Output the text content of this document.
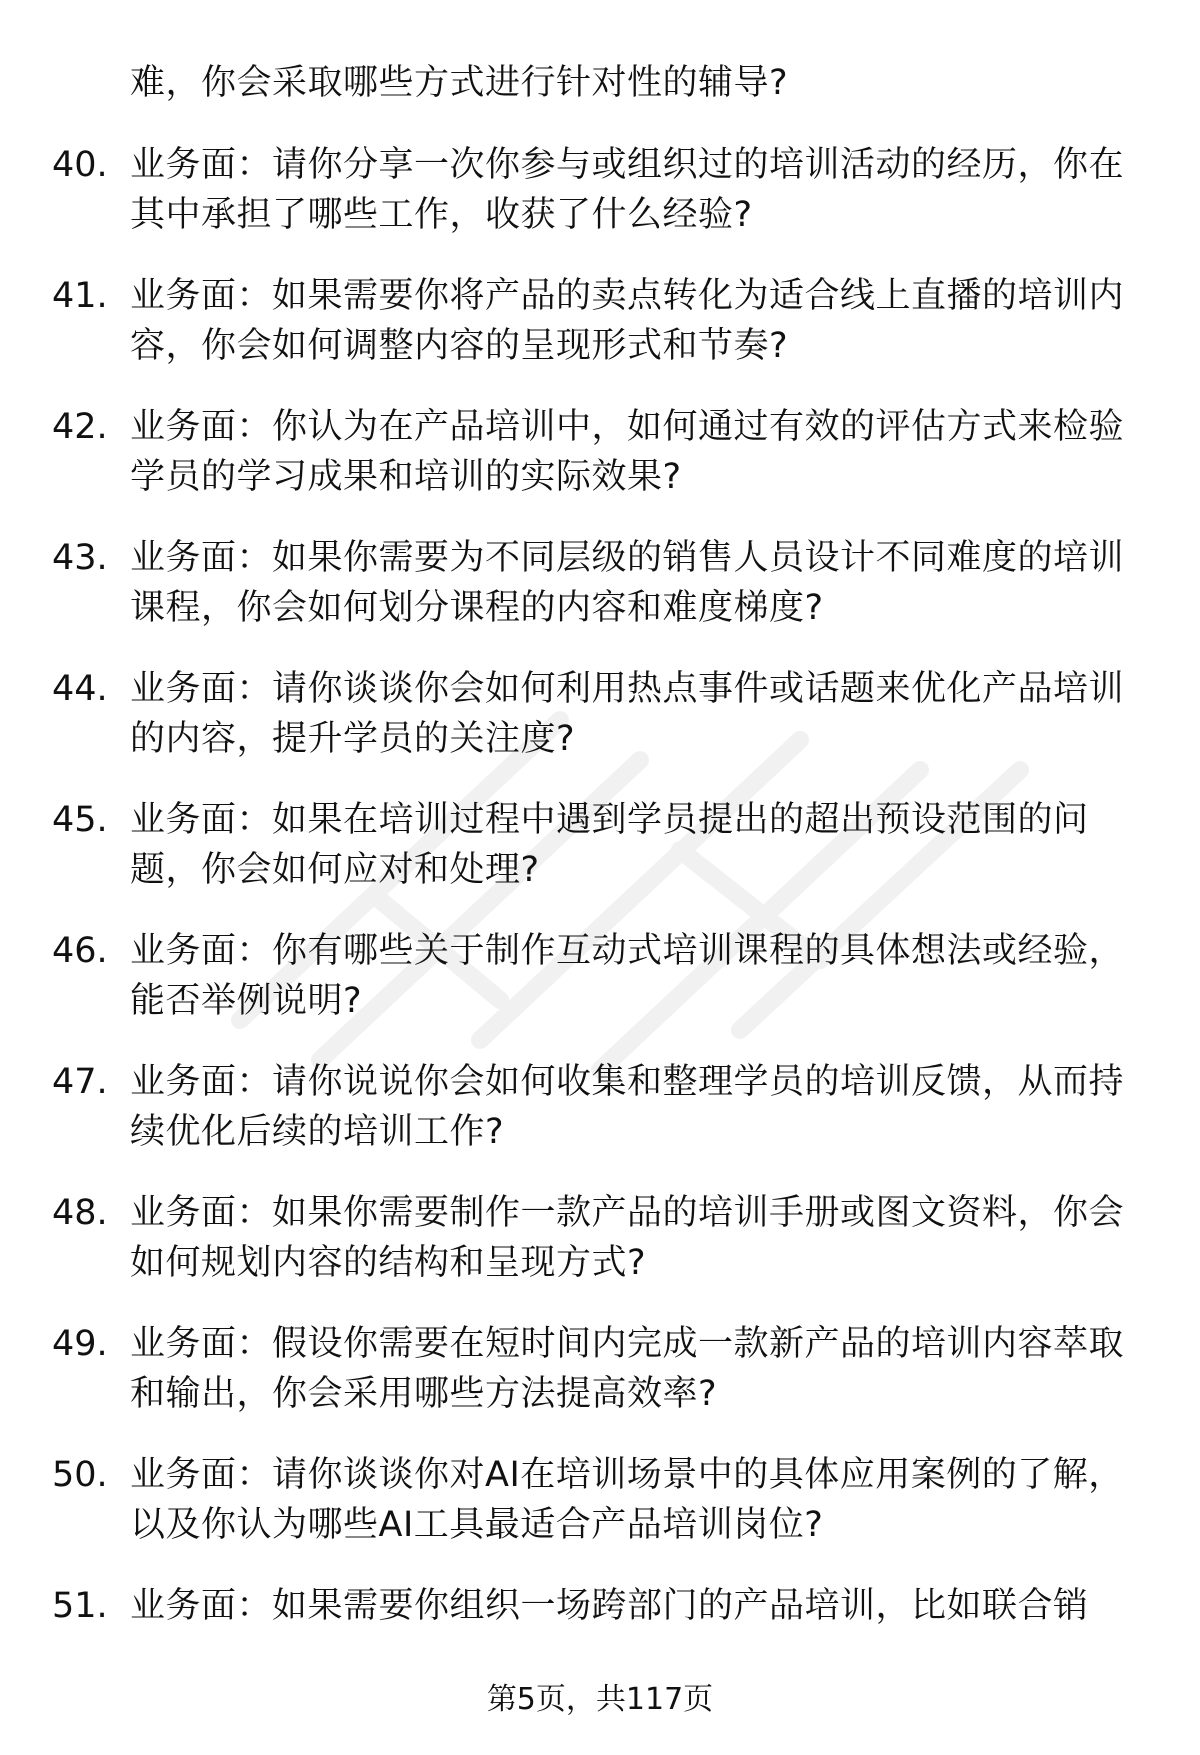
难，你会采取哪些方式进行针对性的辅导?
40. 业务面：请你分享一次你参与或组织过的培训活动的经历，你在其中承担了哪些工作，收获了什么经验?
41. 业务面：如果需要你将产品的卖点转化为适合线上直播的培训内容，你会如何调整内容的呈现形式和节奏?
42. 业务面：你认为在产品培训中，如何通过有效的评估方式来检验学员的学习成果和培训的实际效果?
43. 业务面：如果你需要为不同层级的销售人员设计不同难度的培训课程，你会如何划分课程的内容和难度梯度?
44. 业务面：请你谈谈你会如何利用热点事件或话题来优化产品培训的内容，提升学员的关注度?
45. 业务面：如果在培训过程中遇到学员提出的超出预设范围的问题，你会如何应对和处理?
46. 业务面：你有哪些关于制作互动式培训课程的具体想法或经验，能否举例说明?
47. 业务面：请你说说你会如何收集和整理学员的培训反馈，从而持续优化后续的培训工作?
48. 业务面：如果你需要制作一款产品的培训手册或图文资料，你会如何规划内容的结构和呈现方式?
49. 业务面：假设你需要在短时间内完成一款新产品的培训内容萃取和输出，你会采用哪些方法提高效率?
50. 业务面：请你谈谈你对AI在培训场景中的具体应用案例的了解，以及你认为哪些AI工具最适合产品培训岗位?
51. 业务面：如果需要你组织一场跨部门的产品培训，比如联合销
第5页，共117页
